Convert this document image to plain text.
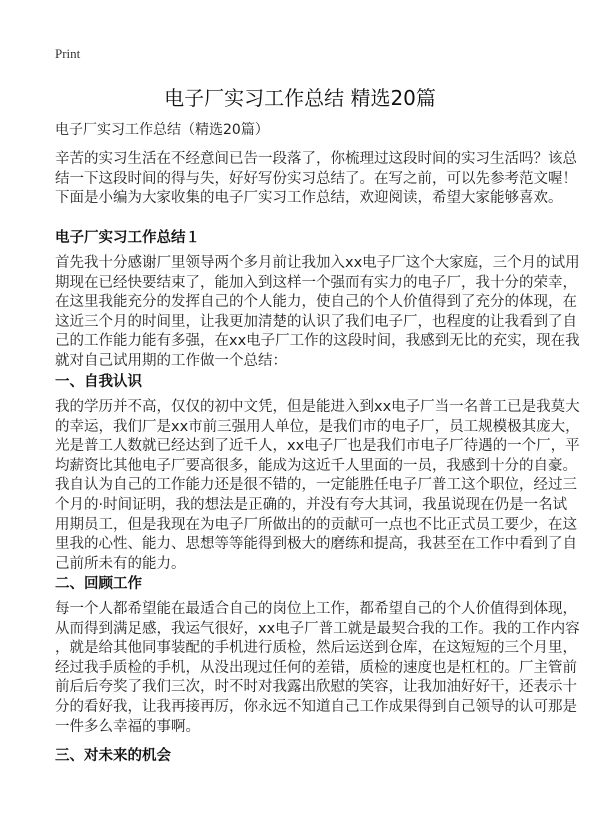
Print
电子厂实习工作总结 精选20篇
电子厂实习工作总结（精选20篇）
辛苦的实习生活在不经意间已告一段落了，你梳理过这段时间的实习生活吗？该总
结一下这段时间的得与失，好好写份实习总结了。在写之前，可以先参考范文喔！
下面是小编为大家收集的电子厂实习工作总结，欢迎阅读，希望大家能够喜欢。
电子厂实习工作总结１
首先我十分感谢厂里领导两个多月前让我加入xx电子厂这个大家庭，三个月的试用
期现在已经快要结束了，能加入到这样一个强而有实力的电子厂，我十分的荣幸，
在这里我能充分的发挥自己的个人能力，使自己的个人价值得到了充分的体现，在
这近三个月的时间里，让我更加清楚的认识了我们电子厂，也程度的让我看到了自
己的工作能力能有多强，在xx电子厂工作的这段时间，我感到无比的充实，现在我
就对自己试用期的工作做一个总结：
一、自我认识
我的学历并不高，仅仅的初中文凭，但是能进入到xx电子厂当一名普工已是我莫大
的幸运，我们厂是xx市前三强用人单位，是我们市的电子厂，员工规模极其庞大，
光是普工人数就已经达到了近千人，xx电子厂也是我们市电子厂待遇的一个厂，平
均薪资比其他电子厂要高很多，能成为这近千人里面的一员，我感到十分的自豪。
我自认为自己的工作能力还是很不错的，一定能胜任电子厂普工这个职位，经过三
个月的·时间证明，我的想法是正确的，并没有夸大其词，我虽说现在仍是一名试
用期员工，但是我现在为电子厂所做出的的贡献可一点也不比正式员工要少，在这
里我的心性、能力、思想等等能得到极大的磨练和提高，我甚至在工作中看到了自
己前所未有的能力。
二、回顾工作
每一个人都希望能在最适合自己的岗位上工作，都希望自己的个人价值得到体现，
从而得到满足感，我运气很好，xx电子厂普工就是最契合我的工作。我的工作内容
，就是给其他同事装配的手机进行质检，然后运送到仓库，在这短短的三个月里，
经过我手质检的手机，从没出现过任何的差错，质检的速度也是杠杠的。厂主管前
前后后夸奖了我们三次，时不时对我露出欣慰的笑容，让我加油好好干，还表示十
分的看好我，让我再接再厉，你永远不知道自己工作成果得到自己领导的认可那是
一件多么幸福的事啊。
三、对未来的机会
